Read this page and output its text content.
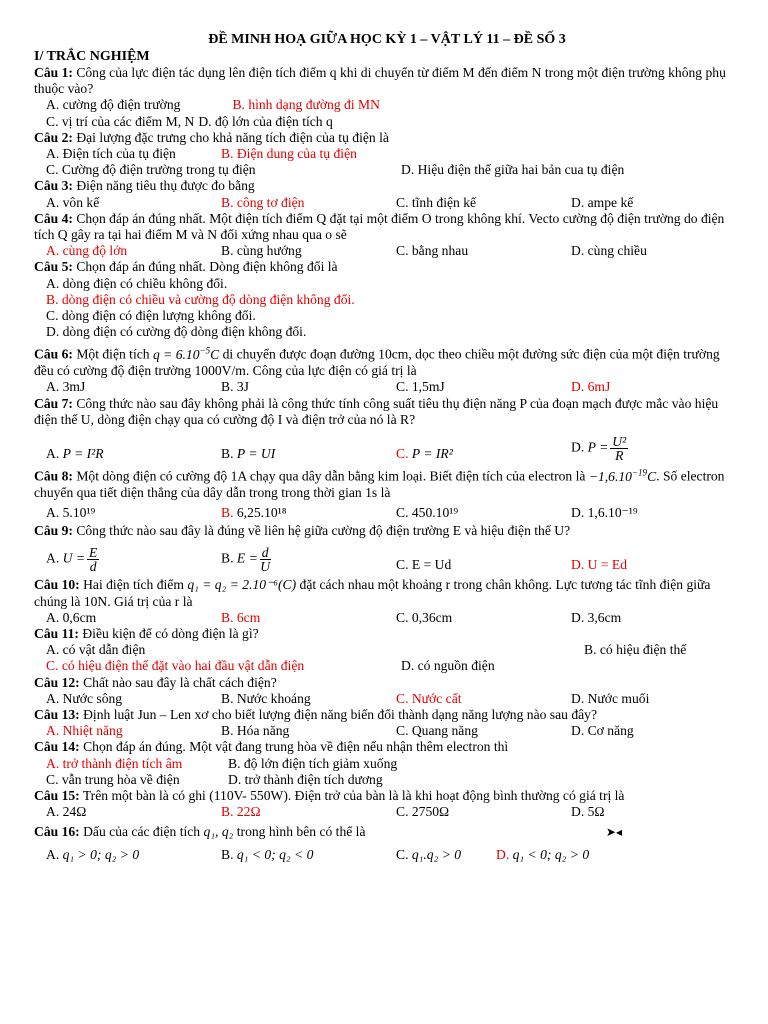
ĐỀ MINH HOẠ GIỮA HỌC KỲ 1 – VẬT LÝ 11 – ĐỀ SỐ 3

I/ TRẮC NGHIỆM

Câu 1: Công của lực điện tác dụng lên điện tích điểm q khi di chuyển từ điểm M đến điểm N trong một điện trường không phụ thuộc vào?

A. cường độ điện trường	B. hình dạng đường đi MN
C. vị trí của các điểm M, N D. độ lớn của điện tích q

Câu 2: Đại lượng đặc trưng cho khả năng tích điện của tụ điện là

A. Điện tích của tụ điện	B. Điện dung của tụ điện
C. Cường độ điện trường trong tụ điện	D. Hiệu điện thế giữa hai bản cua tụ điện

Câu 3: Điện năng tiêu thụ được đo bằng

A. vôn kế	B. công tơ điện	C. tĩnh điện kế	D. ampe kế

Câu 4: Chọn đáp án đúng nhất. Một điện tích điểm Q đặt tại một điểm O trong không khí. Vecto cường độ điện trường do điện tích Q gây ra tại hai điểm M và N đối xứng nhau qua o sẽ

A. cùng độ lớn	B. cùng hướng	C. bằng nhau	D. cùng chiều

Câu 5: Chọn đáp án đúng nhất. Dòng điện không đổi là

A. dòng điện có chiều không đổi.
B. dòng điện có chiều và cường độ dòng điện không đổi.
C. dòng điện có điện lượng không đổi.
D. dòng điện có cường độ dòng điện không đổi.

Câu 6: Một điện tích $q = 6.10^{-5}C$ di chuyển được đoạn đường 10cm, dọc theo chiều một đường sức điện của một điện trường đều có cường độ điện trường 1000V/m. Công của lực điện có giá trị là

A. 3mJ	B. 3J	C. 1,5mJ	D. 6mJ

Câu 7: Công thức nào sau đây không phải là công thức tính công suất tiêu thụ điện năng P của đoạn mạch được mắc vào hiệu điện thế U, dòng điện chạy qua có cường độ I và điện trở của nó là R?

A. P = I²R	B. P = UI	C. P = IR²	D. $P = \frac{\text{U²}}{R}$

Câu 8: Một dòng điện có cường độ 1A chạy qua dây dẫn bằng kim loại. Biết điện tích của electron là $-1,6.10^{-19}C$. Số electron chuyển qua tiết diện thẳng của dây dẫn trong trong thời gian 1s là

A. 5.10¹⁹	B. 6,25.10¹⁸	C. 450.10¹⁹	D. 1,6.10⁻¹⁹

Câu 9: Công thức nào sau đây là đúng về liên hệ giữa cường độ điện trường E và hiệu điện thế U?

A. $U = \frac{E}{d}$	B. $E = \frac{d}{U}$	C. E = Ud	D. U = Ed

Câu 10: Hai điện tích điểm q₁ = q₂ = 2.10⁻⁶(C) đặt cách nhau một khoảng r trong chân không. Lực tương tác tĩnh điện giữa chúng là 10N. Giá trị của r là

A. 0,6cm	B. 6cm	C. 0,36cm	D. 3,6cm

Câu 11: Điều kiện để có dòng điện là gì?

A. có vật dẫn điện	B. có hiệu điện thế
C. có hiệu điện thế đặt vào hai đầu vật dẫn điện	D. có nguồn điện

Câu 12: Chất nào sau đây là chất cách điện?

A. Nước sông	B. Nước khoáng	C. Nước cất	D. Nước muối

Câu 13: Định luật Jun – Len xơ cho biết lượng điện năng biến đổi thành dạng năng lượng nào sau đây?

A. Nhiệt năng	B. Hóa năng	C. Quang năng	D. Cơ năng

Câu 14: Chọn đáp án đúng. Một vật đang trung hòa về điện nếu nhận thêm electron thì

A. trở thành điện tích âm	B. độ lớn điện tích giảm xuống
C. vẫn trung hòa về điện	D. trở thành điện tích dương

Câu 15: Trên một bàn là có ghi (110V- 550W). Điện trở của bàn là là khi hoạt động bình thường có giá trị là

A. 24Ω	B. 22Ω	C. 2750Ω	D. 5Ω

Câu 16: Dấu của các điện tích q₁, q₂ trong hình bên có thể là	➤◂

A. q₁ > 0; q₂ > 0	B. q₁ < 0; q₂ < 0	C. q₁.q₂ > 0	D. q₁ < 0; q₂ > 0
